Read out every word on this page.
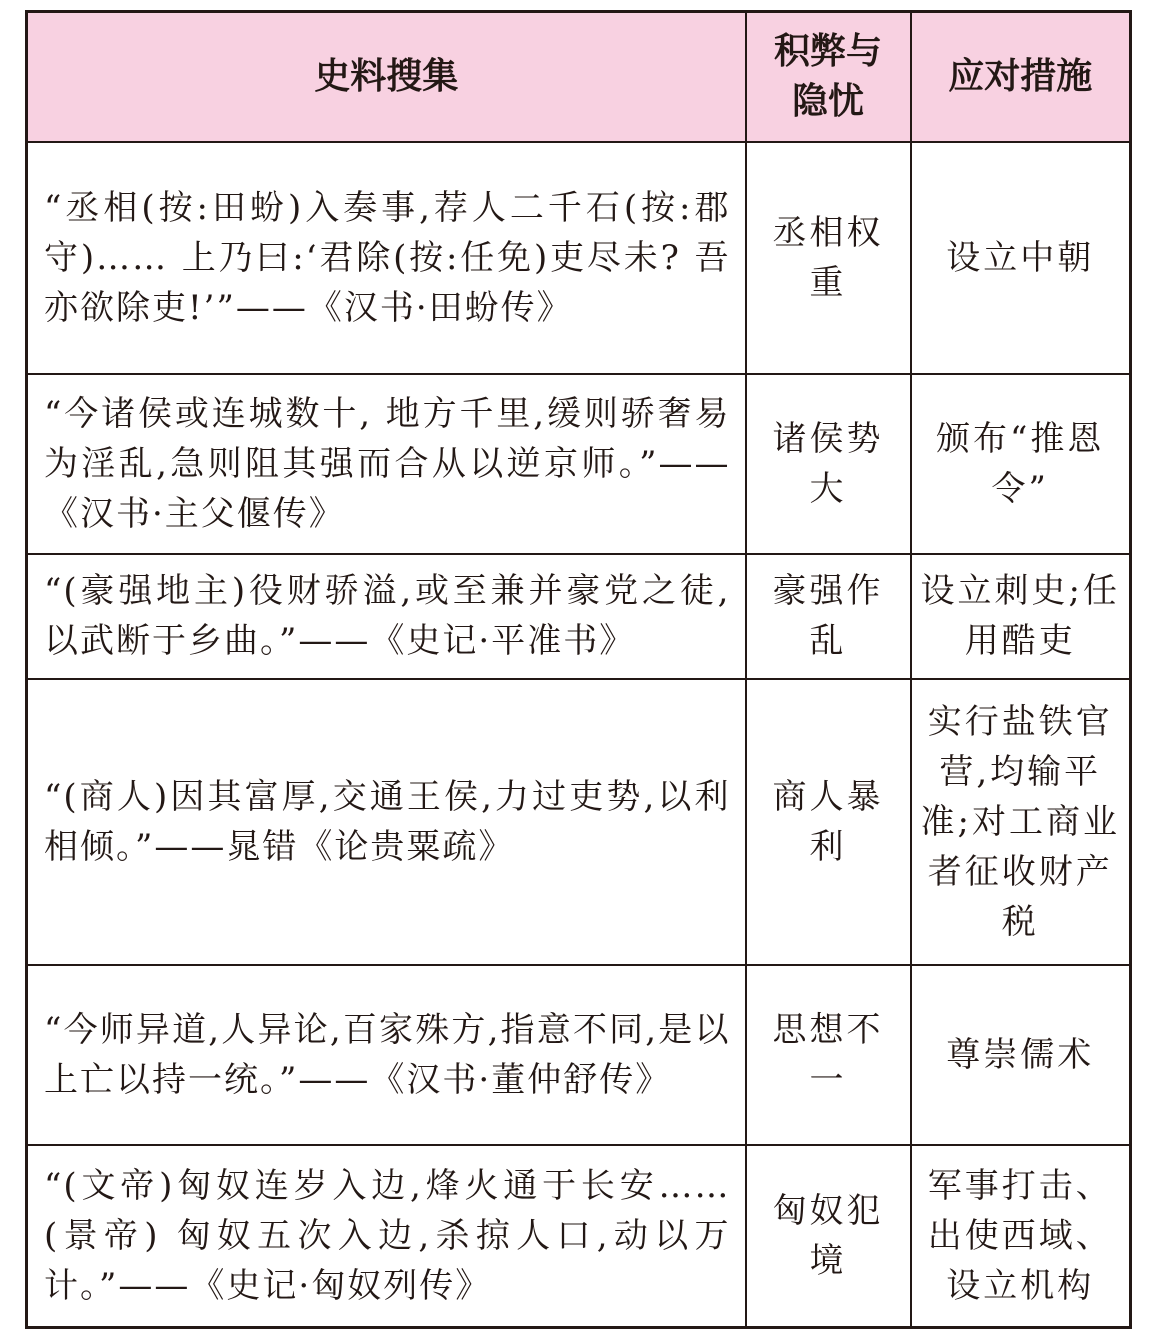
史料搜集	积弊与隐忧	应对措施
“丞相(按:田蚡)入奏事,荐人二千石(按:郡守)…… 上乃曰:‘君除(按:任免)吏尽未? 吾亦欲除吏!’”——《汉书·田蚡传》	丞相权重	设立中朝
“今诸侯或连城数十, 地方千里,缓则骄奢易为淫乱,急则阻其强而合从以逆京师。”——《汉书·主父偃传》	诸侯势大	颁布“推恩令”
“(豪强地主)役财骄溢,或至兼并豪党之徒,以武断于乡曲。”——《史记·平准书》	豪强作乱	设立刺史;任用酷吏
“(商人)因其富厚,交通王侯,力过吏势,以利相倾。”——晁错《论贵粟疏》	商人暴利	实行盐铁官营,均输平准;对工商业者征收财产税
“今师异道,人异论,百家殊方,指意不同,是以上亡以持一统。”——《汉书·董仲舒传》	思想不一	尊崇儒术
“(文帝)匈奴连岁入边,烽火通于长安……(景帝) 匈奴五次入边,杀掠人口,动以万计。”——《史记·匈奴列传》	匈奴犯境	军事打击、出使西域、设立机构
